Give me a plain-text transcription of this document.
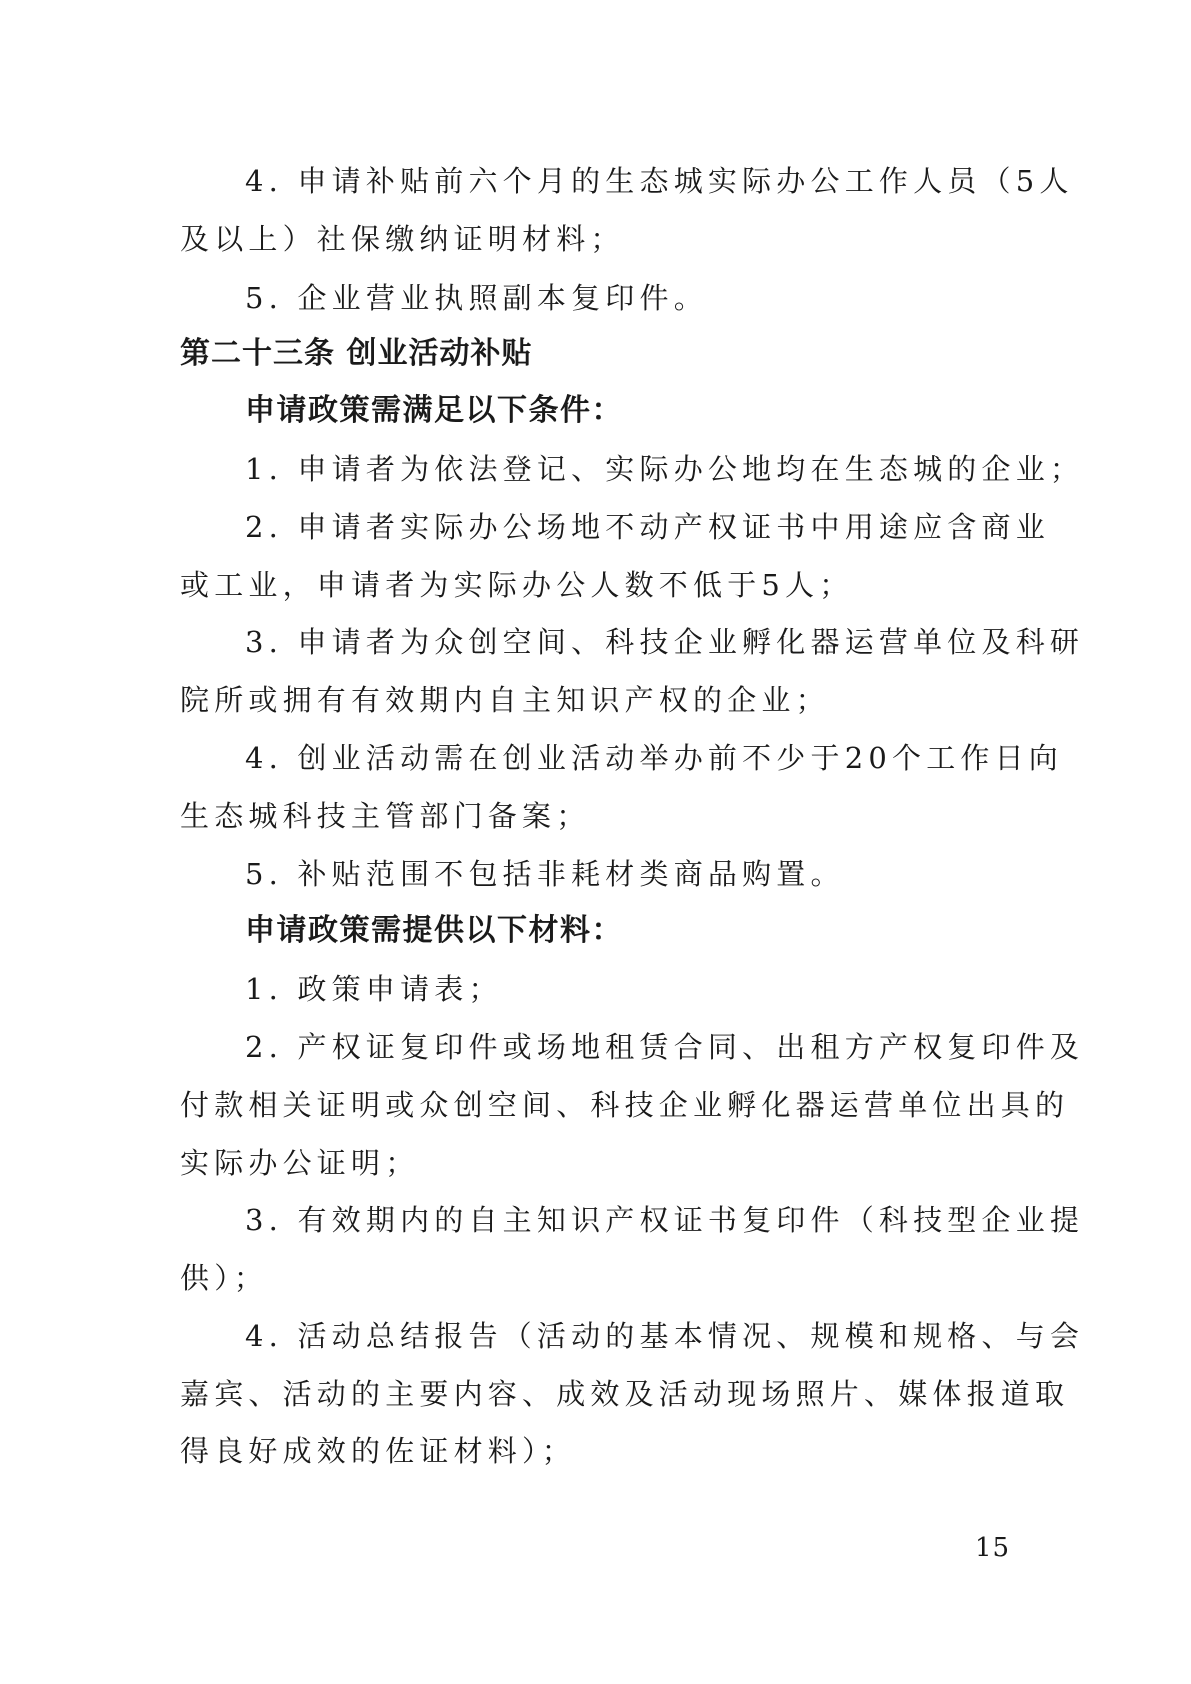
4. 申请补贴前六个月的生态城实际办公工作人员（5人
及以上）社保缴纳证明材料；
5. 企业营业执照副本复印件。
第二十三条 创业活动补贴
申请政策需满足以下条件：
1. 申请者为依法登记、实际办公地均在生态城的企业；
2. 申请者实际办公场地不动产权证书中用途应含商业
或工业，申请者为实际办公人数不低于5人；
3. 申请者为众创空间、科技企业孵化器运营单位及科研
院所或拥有有效期内自主知识产权的企业；
4. 创业活动需在创业活动举办前不少于20个工作日向
生态城科技主管部门备案；
5. 补贴范围不包括非耗材类商品购置。
申请政策需提供以下材料：
1. 政策申请表；
2. 产权证复印件或场地租赁合同、出租方产权复印件及
付款相关证明或众创空间、科技企业孵化器运营单位出具的
实际办公证明；
3. 有效期内的自主知识产权证书复印件（科技型企业提
供）；
4. 活动总结报告（活动的基本情况、规模和规格、与会
嘉宾、活动的主要内容、成效及活动现场照片、媒体报道取
得良好成效的佐证材料）；
15
